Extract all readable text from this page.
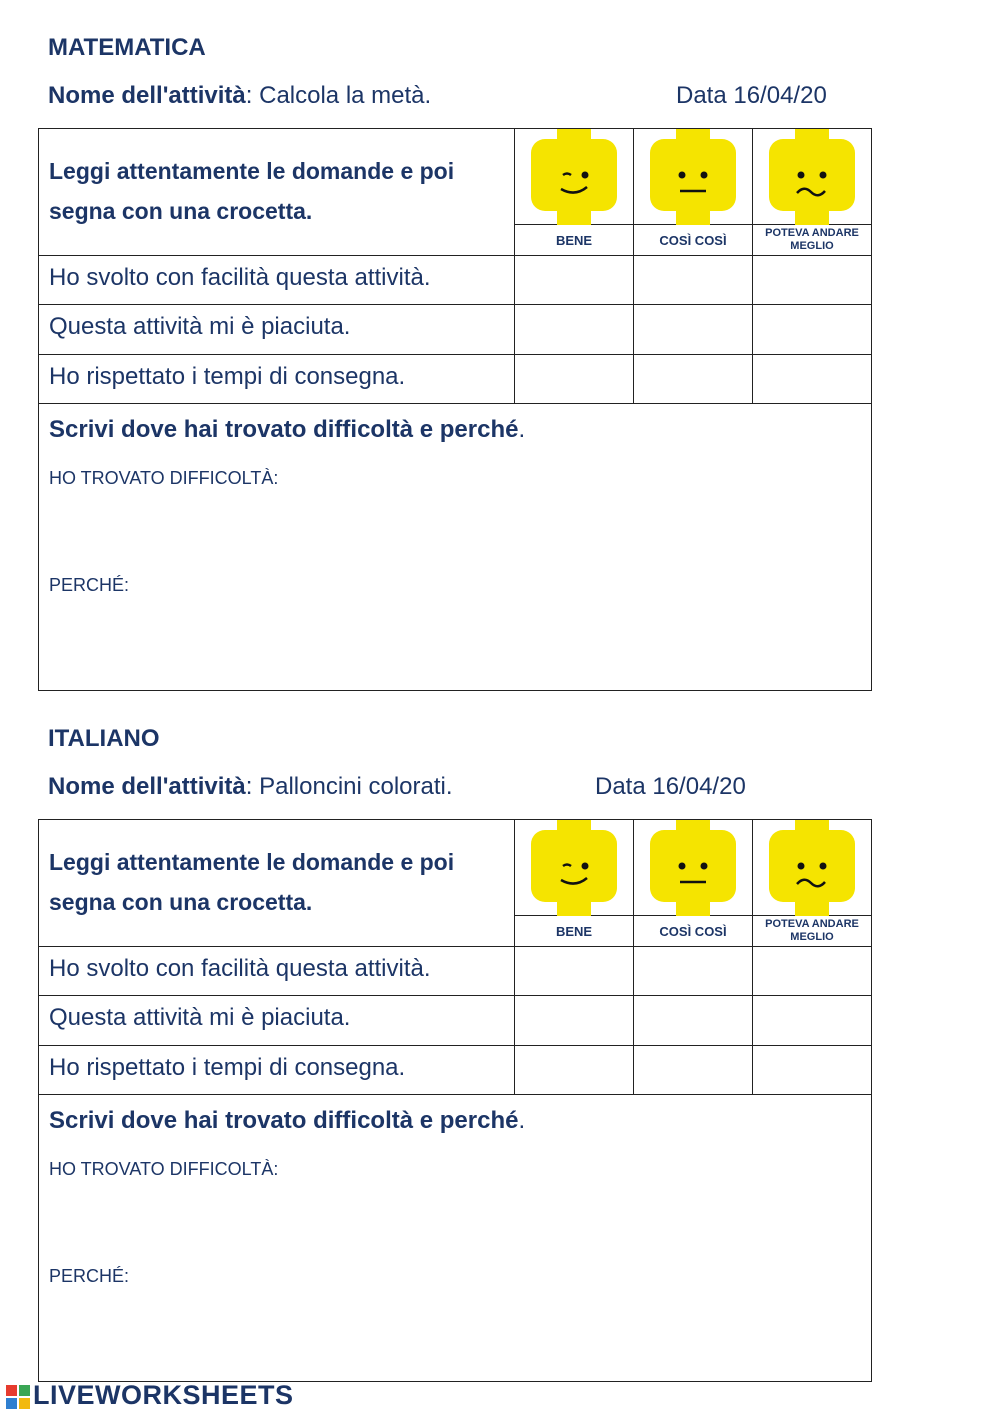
MATEMATICA
Nome dell'attività: Calcola la metà.	Data 16/04/20
Leggi attentamente le domande e poi segna con una crocetta.
BENE	COSÌ COSÌ	POTEVA ANDARE MEGLIO
Ho svolto con facilità questa attività.
Questa attività mi è piaciuta.
Ho rispettato i tempi di consegna.
Scrivi dove hai trovato difficoltà e perché.
HO TROVATO DIFFICOLTÀ:
PERCHÉ:
ITALIANO
Nome dell'attività: Palloncini colorati.	Data 16/04/20
Leggi attentamente le domande e poi segna con una crocetta.
BENE	COSÌ COSÌ	POTEVA ANDARE MEGLIO
Ho svolto con facilità questa attività.
Questa attività mi è piaciuta.
Ho rispettato i tempi di consegna.
Scrivi dove hai trovato difficoltà e perché.
HO TROVATO DIFFICOLTÀ:
PERCHÉ:
LIVEWORKSHEETS
